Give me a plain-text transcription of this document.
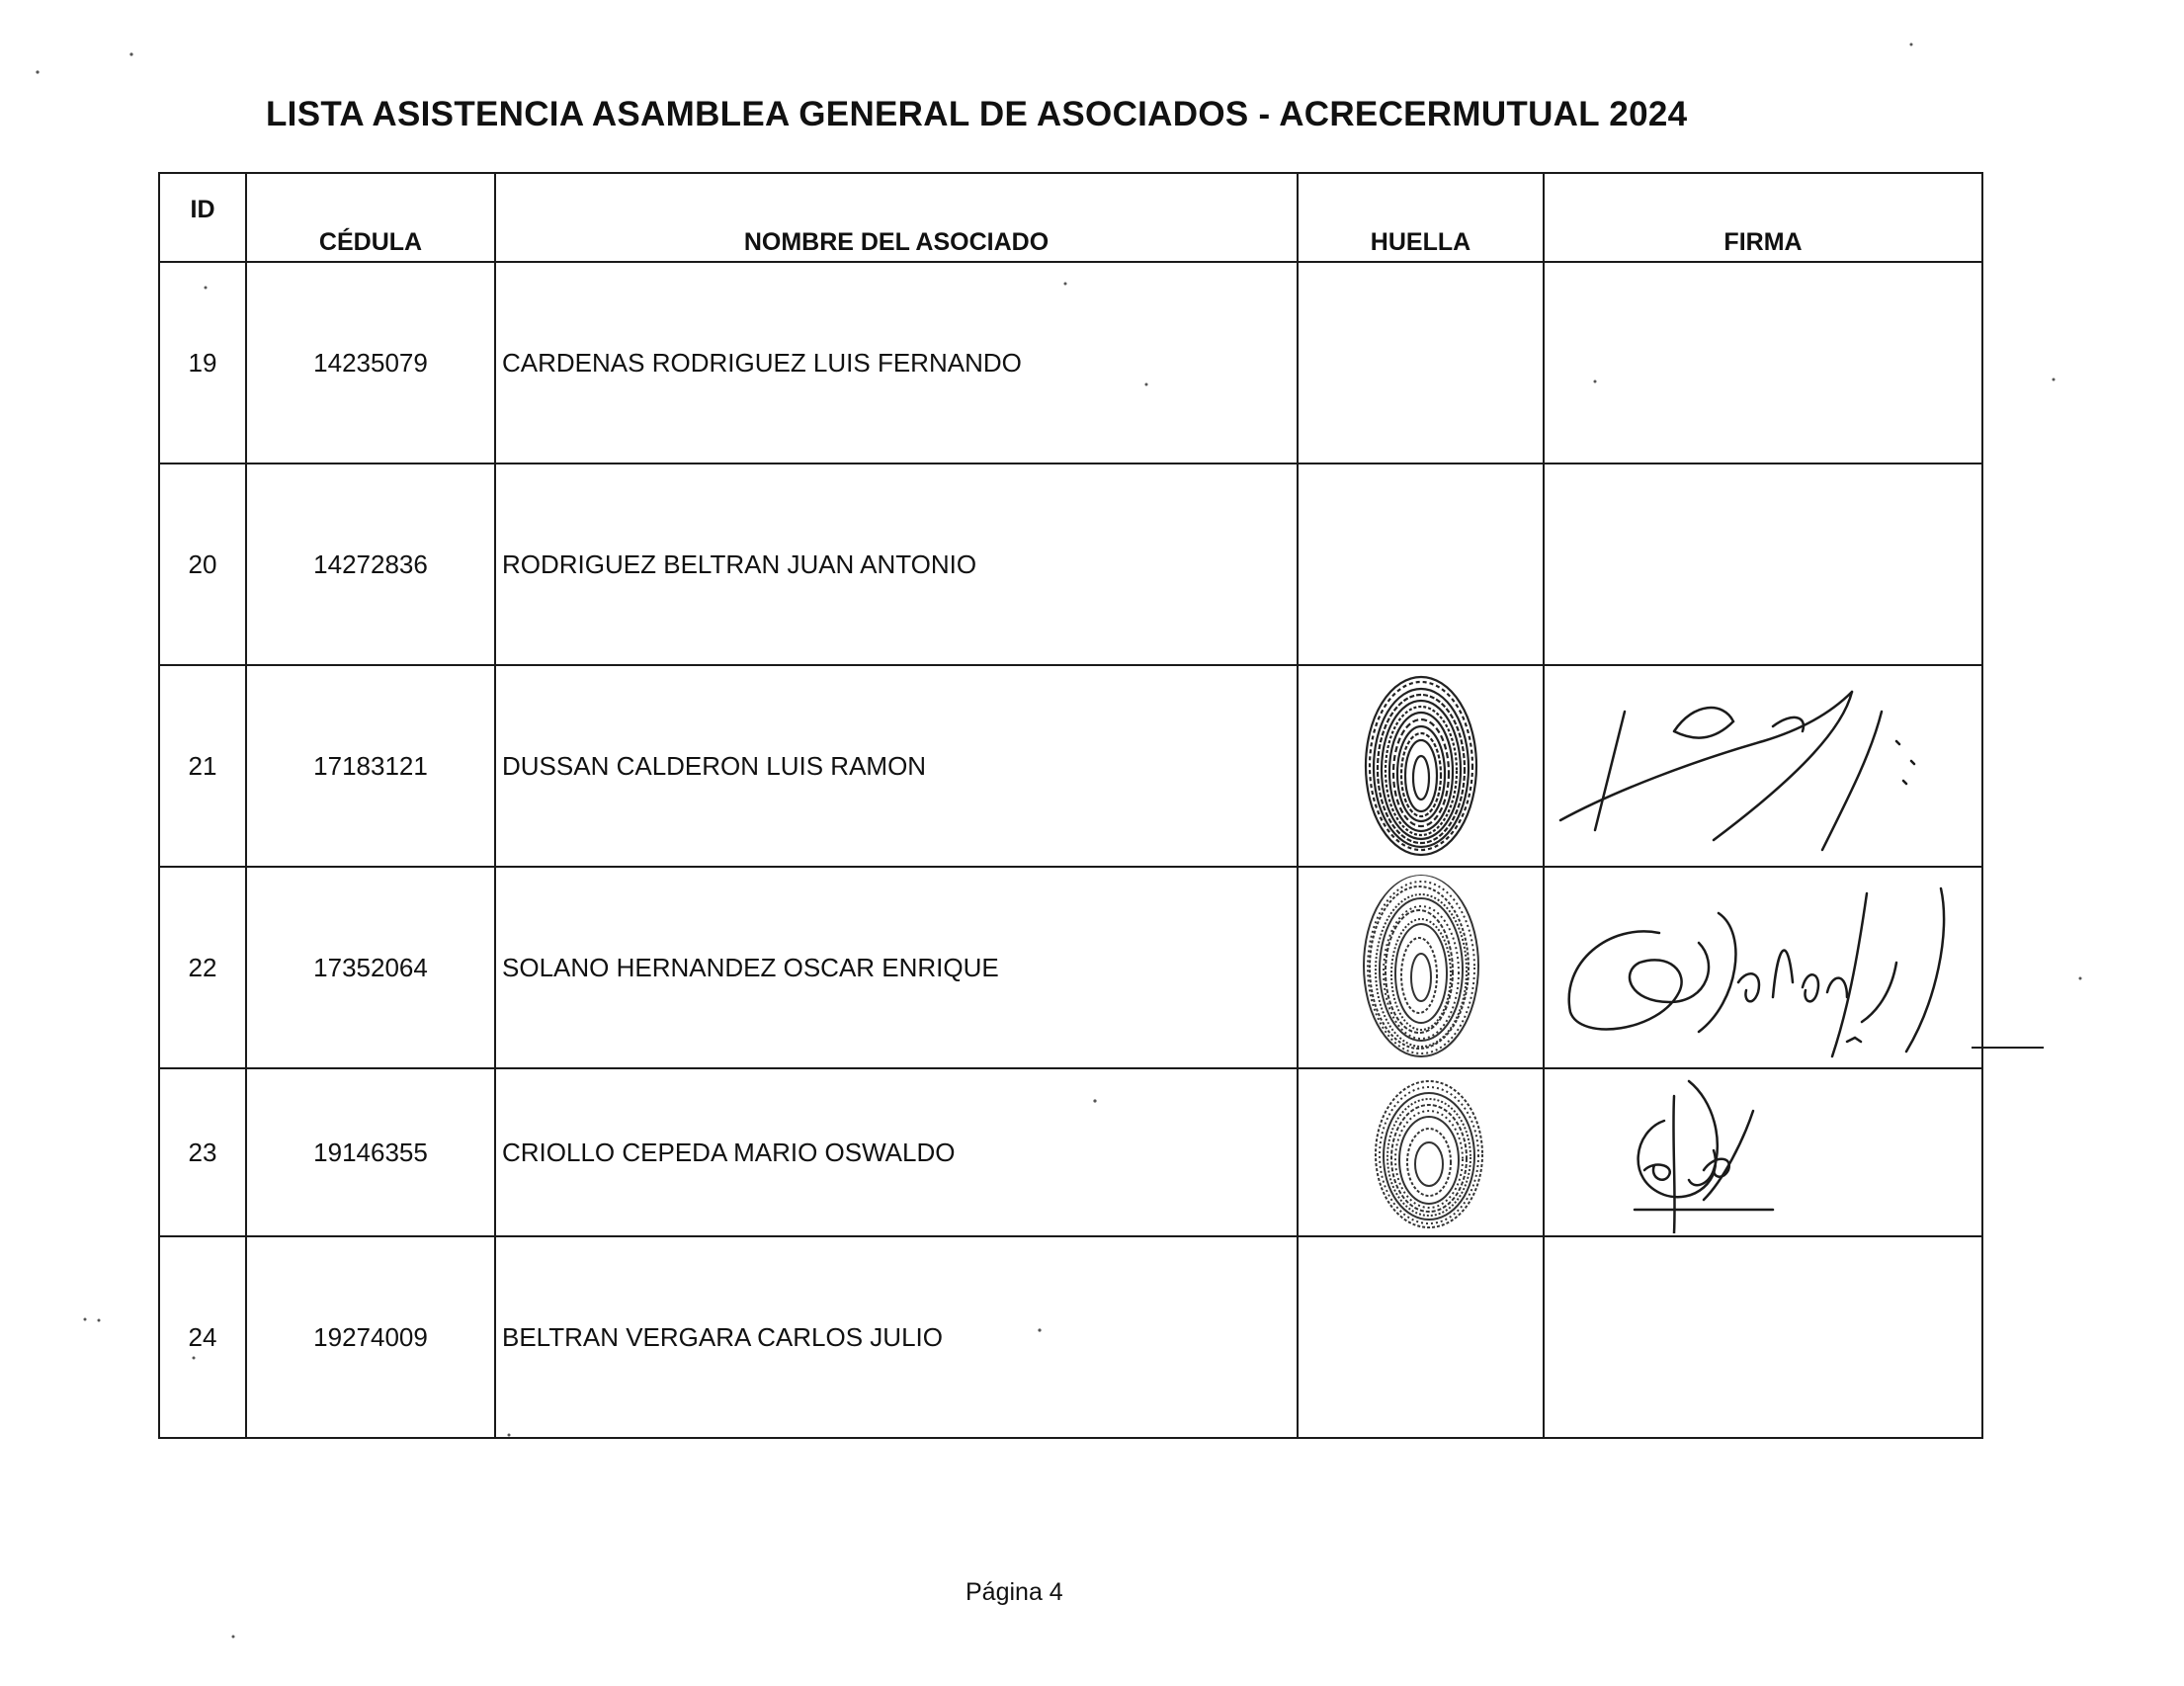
LISTA ASISTENCIA ASAMBLEA GENERAL DE ASOCIADOS - ACRECERMUTUAL 2024
ID	CÉDULA	NOMBRE DEL ASOCIADO	HUELLA	FIRMA
19	14235079	CARDENAS RODRIGUEZ LUIS FERNANDO		
20	14272836	RODRIGUEZ BELTRAN JUAN ANTONIO		
21	17183121	DUSSAN CALDERON LUIS RAMON	

22	17352064	SOLANO HERNANDEZ OSCAR ENRIQUE	

23	19146355	CRIOLLO CEPEDA MARIO OSWALDO	

24	19274009	BELTRAN VERGARA CARLOS JULIO		
Página 4
